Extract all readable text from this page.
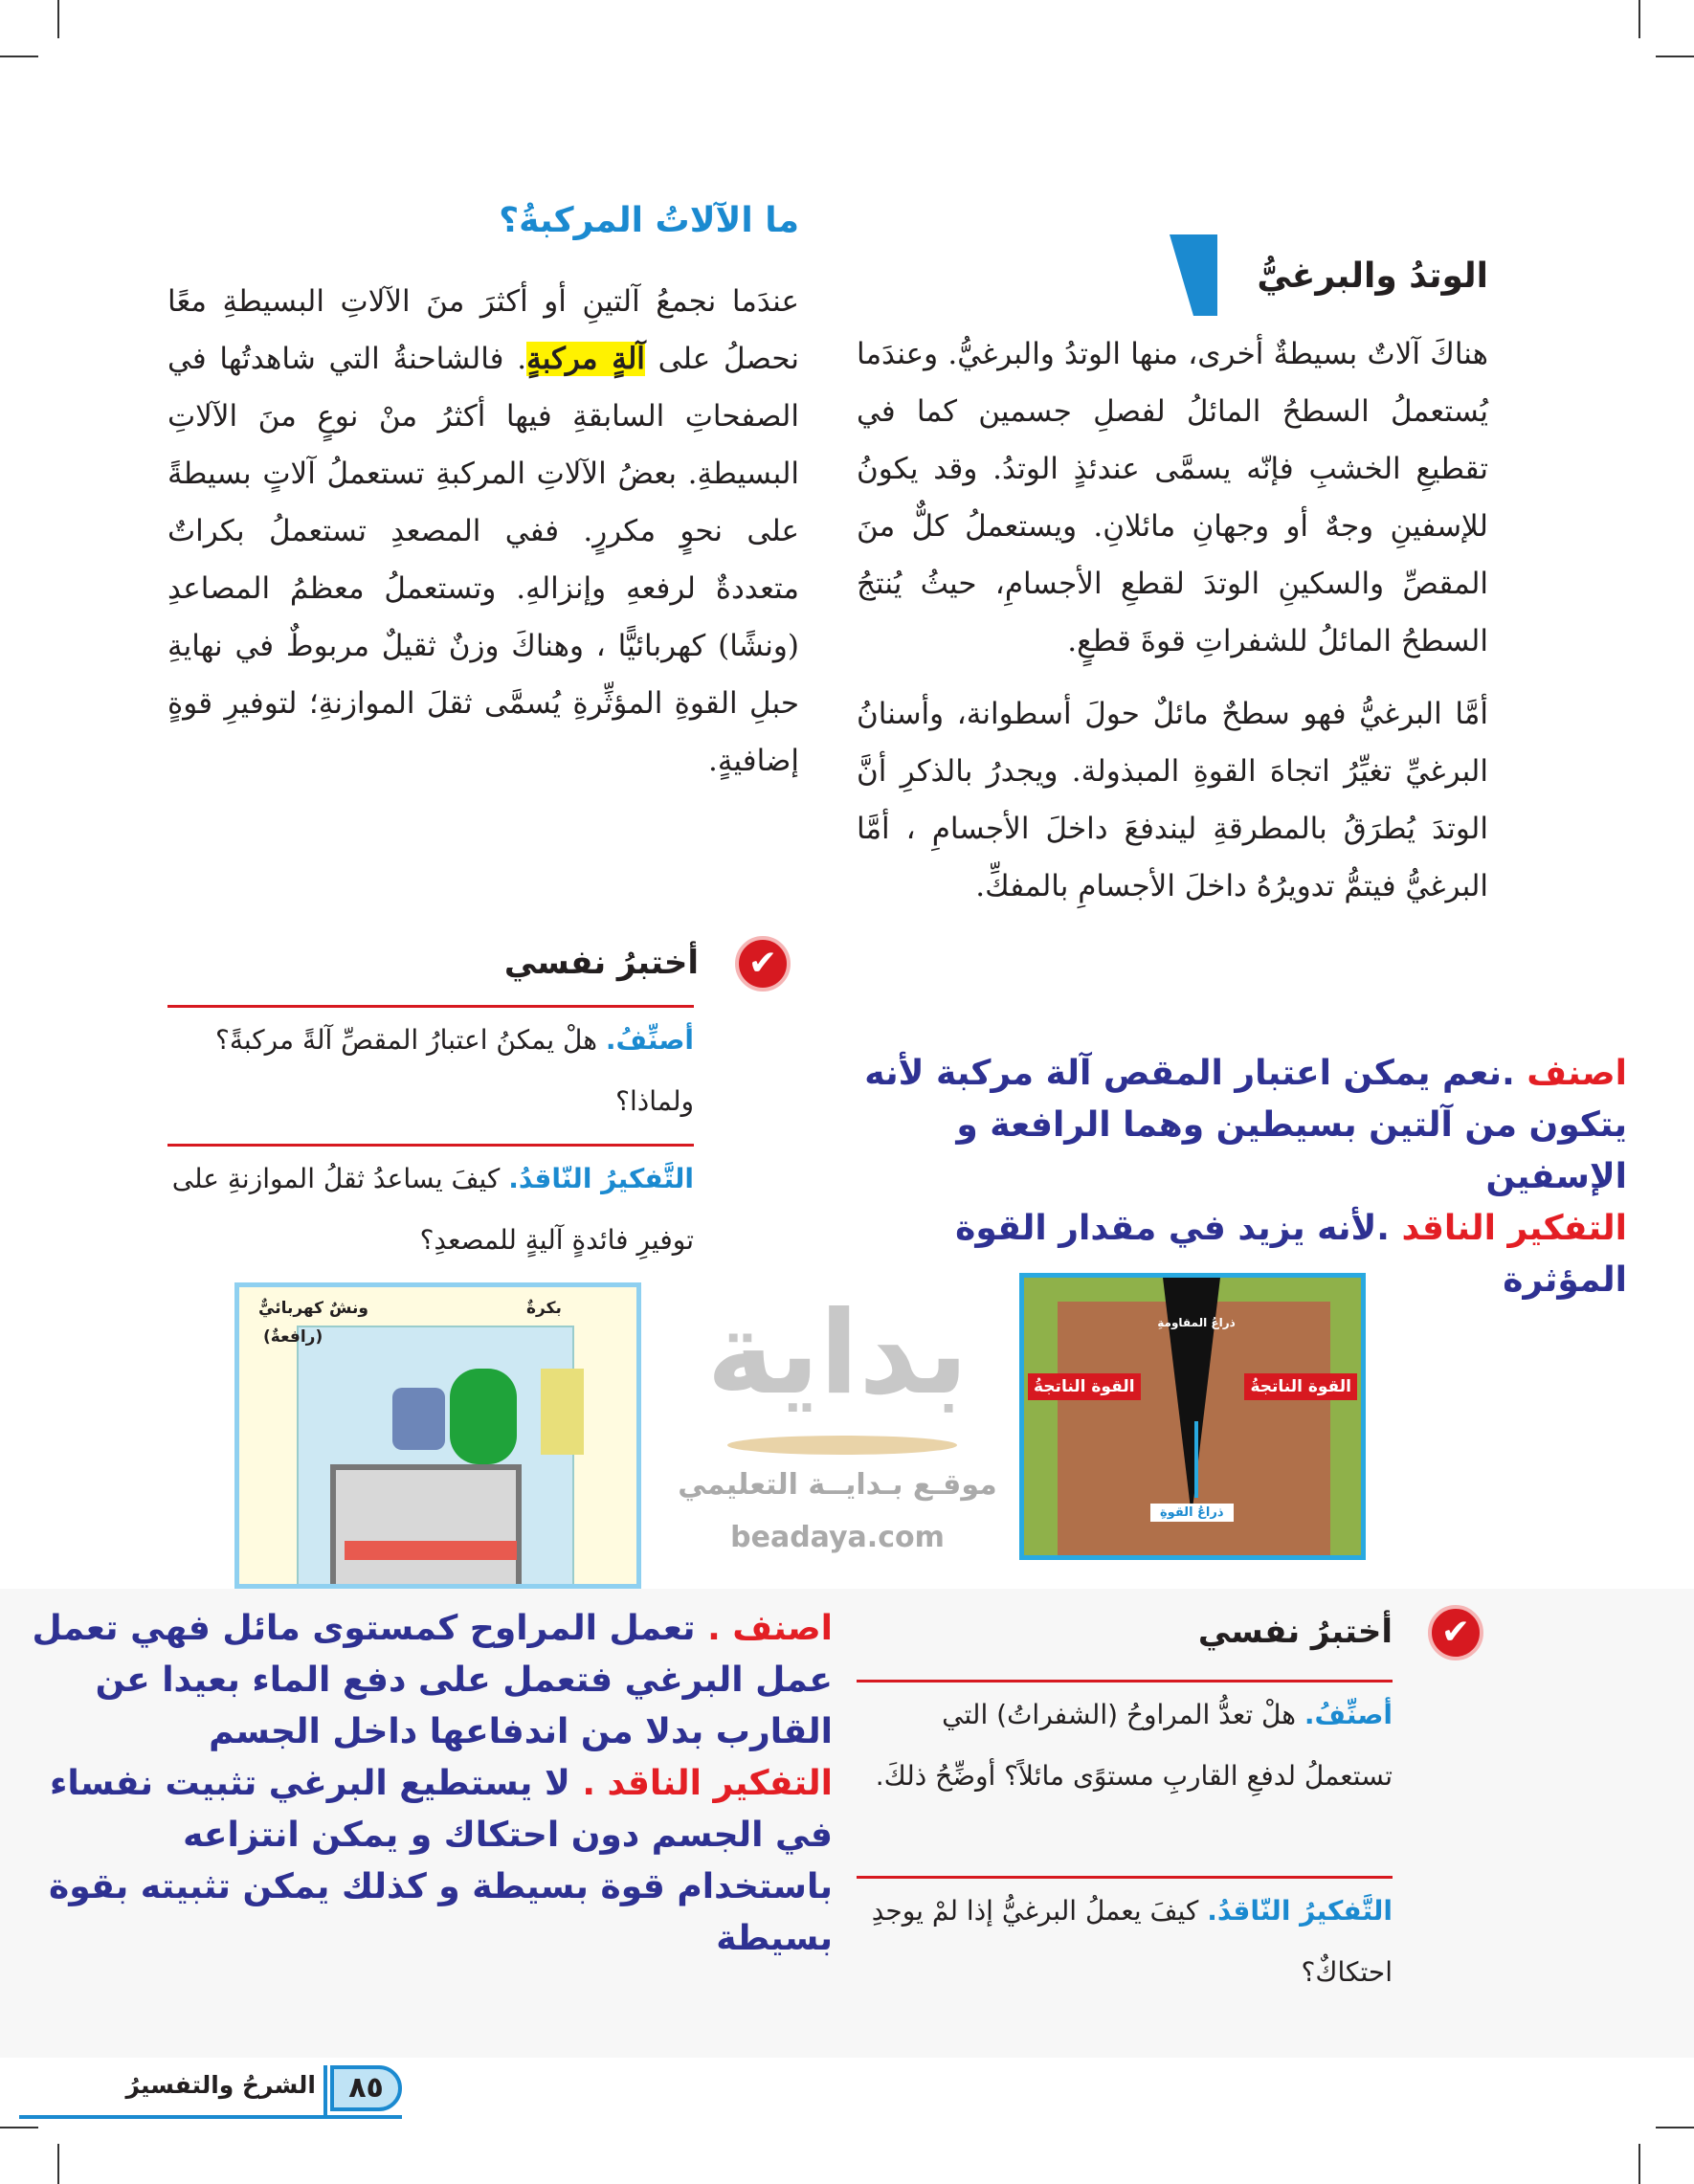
بداية
موقـع بـدايــة التعليمي
beadaya.com
الوتدُ والبرغيُّ

هناكَ آلاتٌ بسيطةٌ أخرى، منها الوتدُ والبرغيُّ. وعندَما يُستعملُ السطحُ المائلُ لفصلِ جسمين كما في تقطيعِ الخشبِ فإنّه يسمَّى عندئذٍ الوتدُ. وقد يكونُ للإسفينِ وجهٌ أو وجهانِ مائلانِ. ويستعملُ كلٌّ منَ المقصِّ والسكينِ الوتدَ لقطعِ الأجسامِ، حيثُ يُنتجُ السطحُ المائلُ للشفراتِ قوةَ قطعٍ.

أمَّا البرغيُّ فهو سطحٌ مائلٌ حولَ أسطوانة، وأسنانُ البرغيِّ تغيِّرُ اتجاهَ القوةِ المبذولة. ويجدرُ بالذكرِ أنَّ الوتدَ يُطرَقُ بالمطرقةِ ليندفعَ داخلَ الأجسامِ ، أمَّا البرغيُّ فيتمُّ تدويرُهُ داخلَ الأجسامِ بالمفكِّ.

اصنف .نعم يمكن اعتبار المقص آلة مركبة لأنه يتكون من آلتين بسيطين وهما الرافعة و الإسفين
التفكير الناقد .لأنه يزيد في مقدار القوة المؤثرة
ما الآلاتُ المركبةُ؟
عندَما نجمعُ آلتينِ أو أكثرَ منَ الآلاتِ البسيطةِ معًا نحصلُ على آلةٍ مركبةٍ. فالشاحنةُ التي شاهدتُها في الصفحاتِ السابقةِ فيها أكثرُ منْ نوعٍ منَ الآلاتِ البسيطةِ. بعضُ الآلاتِ المركبةِ تستعملُ آلاتٍ بسيطةً على نحوٍ مكررٍ. ففي المصعدِ تستعملُ بكراتٌ متعددةٌ لرفعهِ وإنزالهِ. وتستعملُ معظمُ المصاعدِ (ونشًا) كهربائيًّا ، وهناكَ وزنٌ ثقيلٌ مربوطٌ في نهايةِ حبلِ القوةِ المؤثِّرةِ يُسمَّى ثقلَ الموازنةِ؛ لتوفيرِ قوةٍ إضافيةٍ.
✔
أختبرُ نفسي
أصنِّفُ. هلْ يمكنُ اعتبارُ المقصِّ آلةً مركبةً؟ولماذا؟
التَّفكيرُ النّاقدُ. كيفَ يساعدُ ثقلُ الموازنةِ على توفيرِ فائدةٍ آليةٍ للمصعدِ؟
بكرةٌ
ونشٌ كهربائيٌّ
(رافعةٌ)
ذراعُ المقاومةِ
القوة الناتجةُ	القوة الناتجةُ
ذراعُ القوةِ
✔
أختبرُ نفسي
أصنِّفُ. هلْ تعدُّ المراوحُ (الشفراتُ) التي تستعملُ لدفعِ القاربِ مستوًى مائلاً؟ أوضِّحُ ذلكَ.
التَّفكيرُ النّاقدُ. كيفَ يعملُ البرغيُّ إذا لمْ يوجدِ احتكاكٌ؟
اصنف . تعمل المراوح كمستوى مائل فهي تعمل عمل البرغي فتعمل على دفع الماء بعيدا عن القارب بدلا من اندفاعها داخل الجسم
التفكير الناقد . لا يستطيع البرغي تثبيت نفساء في الجسم دون احتكاك و يمكن انتزاعه باستخدام قوة بسيطة و كذلك يمكن تثبيته بقوة بسيطة
٨٥
الشرحُ والتفسيرُ
